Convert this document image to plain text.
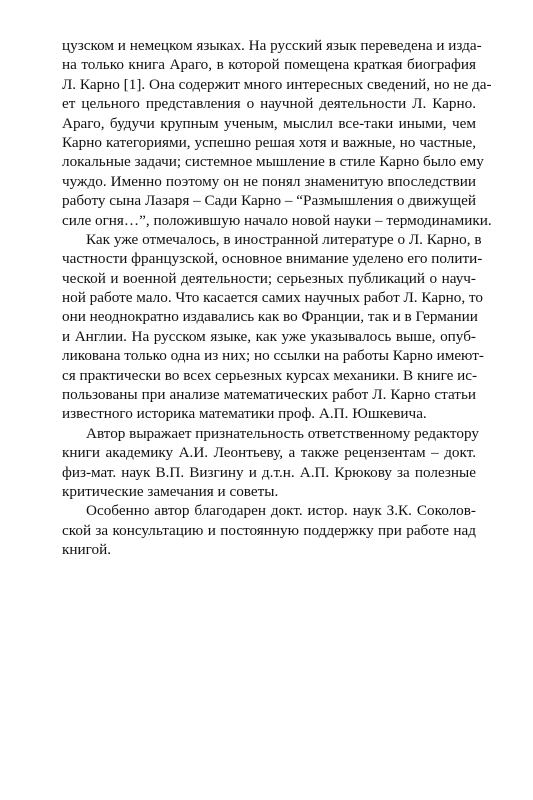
цузском и немецком языках. На русский язык переведена и изда-
на только книга Араго, в которой помещена краткая биография
Л. Карно [1]. Она содержит много интересных сведений, но не да-
ет цельного представления о научной деятельности Л. Карно.
Араго, будучи крупным ученым, мыслил все-таки иными, чем
Карно категориями, успешно решая хотя и важные, но частные,
локальные задачи; системное мышление в стиле Карно было ему
чуждо. Именно поэтому он не понял знаменитую впоследствии
работу сына Лазаря – Сади Карно – “Размышления о движущей
силе огня…”, положившую начало новой науки – термодинамики.
Как уже отмечалось, в иностранной литературе о Л. Карно, в
частности французской, основное внимание уделено его полити-
ческой и военной деятельности; серьезных публикаций о науч-
ной работе мало. Что касается самих научных работ Л. Карно, то
они неоднократно издавались как во Франции, так и в Германии
и Англии. На русском языке, как уже указывалось выше, опуб-
ликована только одна из них; но ссылки на работы Карно имеют-
ся практически во всех серьезных курсах механики. В книге ис-
пользованы при анализе математических работ Л. Карно статьи
известного историка математики проф. А.П. Юшкевича.
Автор выражает признательность ответственному редактору
книги академику А.И. Леонтьеву, а также рецензентам – докт.
физ-мат. наук В.П. Визгину и д.т.н. А.П. Крюкову за полезные
критические замечания и советы.
Особенно автор благодарен докт. истор. наук З.К. Соколов-
ской за консультацию и постоянную поддержку при работе над
книгой.
